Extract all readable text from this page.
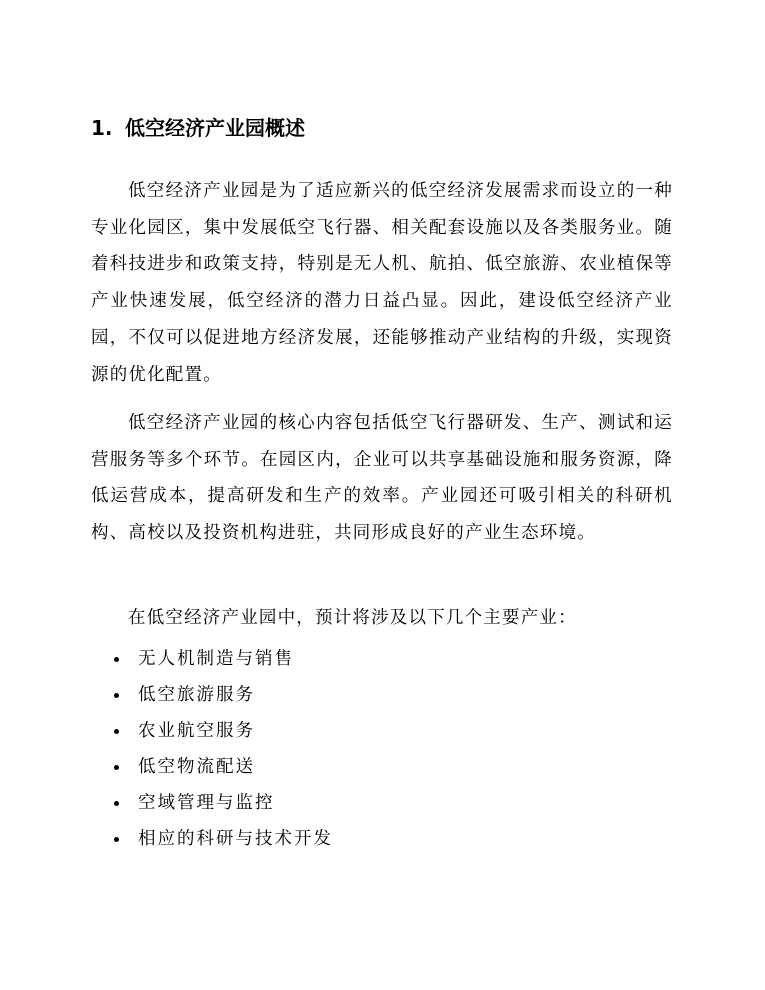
1. 低空经济产业园概述

低空经济产业园是为了适应新兴的低空经济发展需求而设立的一种专业化园区，集中发展低空飞行器、相关配套设施以及各类服务业。随着科技进步和政策支持，特别是无人机、航拍、低空旅游、农业植保等产业快速发展，低空经济的潜力日益凸显。因此，建设低空经济产业园，不仅可以促进地方经济发展，还能够推动产业结构的升级，实现资源的优化配置。

低空经济产业园的核心内容包括低空飞行器研发、生产、测试和运营服务等多个环节。在园区内，企业可以共享基础设施和服务资源，降低运营成本，提高研发和生产的效率。产业园还可吸引相关的科研机构、高校以及投资机构进驻，共同形成良好的产业生态环境。

在低空经济产业园中，预计将涉及以下几个主要产业：

无人机制造与销售
低空旅游服务
农业航空服务
低空物流配送
空域管理与监控
相应的科研与技术开发
